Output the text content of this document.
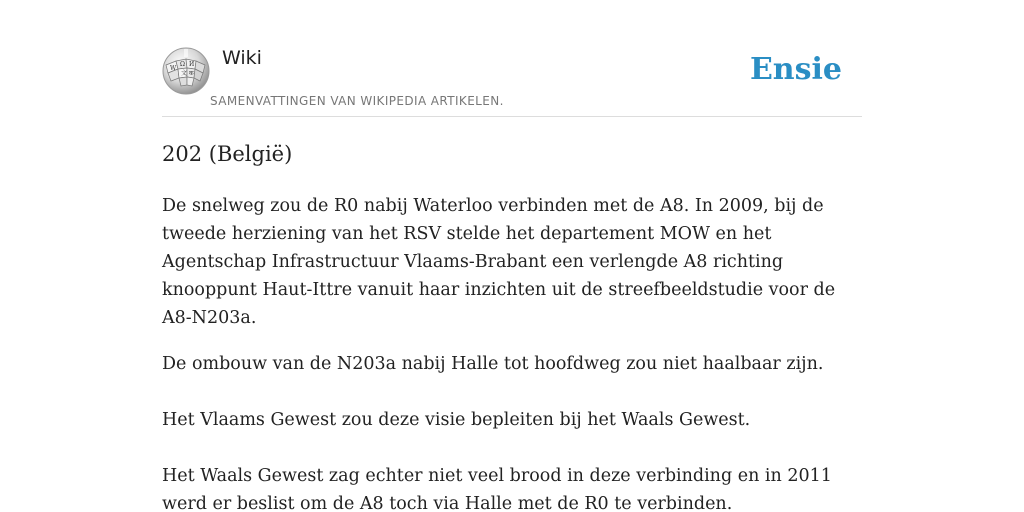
W
Ω И
文 क
Wiki
SAMENVATTINGEN VAN WIKIPEDIA ARTIKELEN.
Ensie
202 (België)

De snelweg zou de R0 nabij Waterloo verbinden met de A8. In 2009, bij de tweede herziening van het RSV stelde het departement MOW en het Agentschap Infrastructuur Vlaams-Brabant een verlengde A8 richting knooppunt Haut-Ittre vanuit haar inzichten uit de streefbeeldstudie voor de A8-N203a.

De ombouw van de N203a nabij Halle tot hoofdweg zou niet haalbaar zijn.

Het Vlaams Gewest zou deze visie bepleiten bij het Waals Gewest.

Het Waals Gewest zag echter niet veel brood in deze verbinding en in 2011 werd er beslist om de A8 toch via Halle met de R0 te verbinden.
